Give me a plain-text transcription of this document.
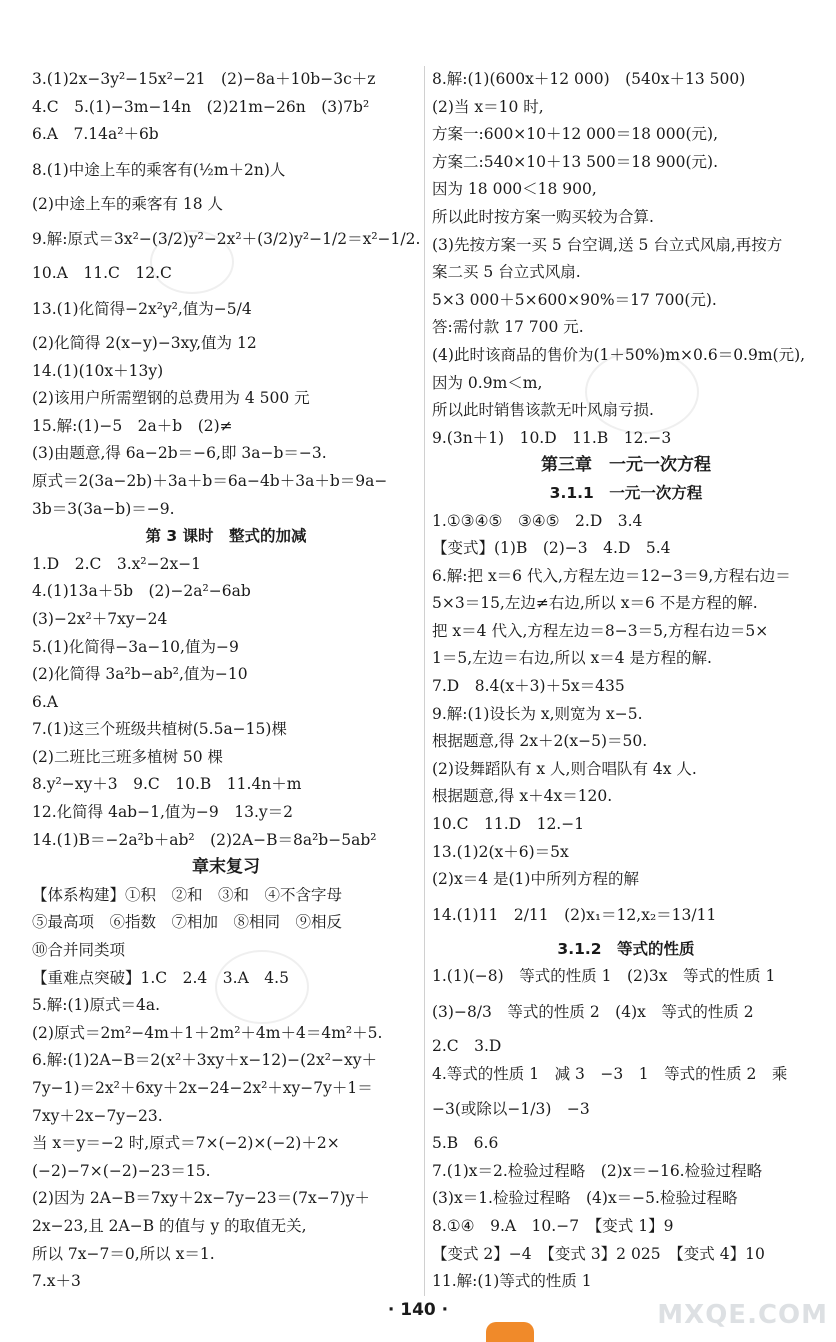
3.(1)2x−3y²−15x²−21　(2)−8a＋10b−3c＋z
4.C　5.(1)−3m−14n　(2)21m−26n　(3)7b²
6.A　7.14a²＋6b
8.(1)中途上车的乘客有(½m＋2n)人
(2)中途上车的乘客有 18 人
9.解:原式＝3x²−(3/2)y²−2x²＋(3/2)y²−1/2＝x²−1/2.
10.A　11.C　12.C
13.(1)化简得−2x²y²,值为−5/4
(2)化简得 2(x−y)−3xy,值为 12
14.(1)(10x＋13y)
(2)该用户所需塑钢的总费用为 4 500 元
15.解:(1)−5　2a＋b　(2)≠
(3)由题意,得 6a−2b＝−6,即 3a−b＝−3.
原式＝2(3a−2b)＋3a＋b＝6a−4b＋3a＋b＝9a−
3b＝3(3a−b)＝−9.
第 3 课时　整式的加减
1.D　2.C　3.x²−2x−1
4.(1)13a＋5b　(2)−2a²−6ab
(3)−2x²＋7xy−24
5.(1)化简得−3a−10,值为−9
(2)化简得 3a²b−ab²,值为−10
6.A
7.(1)这三个班级共植树(5.5a−15)棵
(2)二班比三班多植树 50 棵
8.y²−xy＋3　9.C　10.B　11.4n＋m
12.化简得 4ab−1,值为−9　13.y＝2
14.(1)B＝−2a²b＋ab²　(2)2A−B＝8a²b−5ab²
章末复习
【体系构建】①积　②和　③和　④不含字母
⑤最高项　⑥指数　⑦相加　⑧相同　⑨相反
⑩合并同类项
【重难点突破】1.C　2.4　3.A　4.5
5.解:(1)原式＝4a.
(2)原式＝2m²−4m＋1＋2m²＋4m＋4＝4m²＋5.
6.解:(1)2A−B＝2(x²＋3xy＋x−12)−(2x²−xy＋
7y−1)＝2x²＋6xy＋2x−24−2x²＋xy−7y＋1＝
7xy＋2x−7y−23.
当 x＝y＝−2 时,原式＝7×(−2)×(−2)＋2×
(−2)−7×(−2)−23＝15.
(2)因为 2A−B＝7xy＋2x−7y−23＝(7x−7)y＋
2x−23,且 2A−B 的值与 y 的取值无关,
所以 7x−7＝0,所以 x＝1.
7.x＋3
8.解:(1)(600x＋12 000)　(540x＋13 500)
(2)当 x＝10 时,
方案一:600×10＋12 000＝18 000(元),
方案二:540×10＋13 500＝18 900(元).
因为 18 000＜18 900,
所以此时按方案一购买较为合算.
(3)先按方案一买 5 台空调,送 5 台立式风扇,再按方
案二买 5 台立式风扇.
5×3 000＋5×600×90%＝17 700(元).
答:需付款 17 700 元.
(4)此时该商品的售价为(1＋50%)m×0.6＝0.9m(元),
因为 0.9m＜m,
所以此时销售该款无叶风扇亏损.
9.(3n＋1)　10.D　11.B　12.−3
第三章　一元一次方程
3.1.1　一元一次方程
1.①③④⑤　③④⑤　2.D　3.4
【变式】(1)B　(2)−3　4.D　5.4
6.解:把 x＝6 代入,方程左边＝12−3＝9,方程右边＝
5×3＝15,左边≠右边,所以 x＝6 不是方程的解.
把 x＝4 代入,方程左边＝8−3＝5,方程右边＝5×
1＝5,左边＝右边,所以 x＝4 是方程的解.
7.D　8.4(x＋3)＋5x＝435
9.解:(1)设长为 x,则宽为 x−5.
根据题意,得 2x＋2(x−5)＝50.
(2)设舞蹈队有 x 人,则合唱队有 4x 人.
根据题意,得 x＋4x＝120.
10.C　11.D　12.−1
13.(1)2(x＋6)＝5x
(2)x＝4 是(1)中所列方程的解
14.(1)11　2/11　(2)x₁＝12,x₂＝13/11
3.1.2　等式的性质
1.(1)(−8)　等式的性质 1　(2)3x　等式的性质 1
(3)−8/3　等式的性质 2　(4)x　等式的性质 2
2.C　3.D
4.等式的性质 1　减 3　−3　1　等式的性质 2　乘
−3(或除以−1/3)　−3
5.B　6.6
7.(1)x＝2.检验过程略　(2)x＝−16.检验过程略
(3)x＝1.检验过程略　(4)x＝−5.检验过程略
8.①④　9.A　10.−7　【变式 1】9
【变式 2】−4　【变式 3】2 025　【变式 4】10
11.解:(1)等式的性质 1
· 140 ·	MXQE.COM
